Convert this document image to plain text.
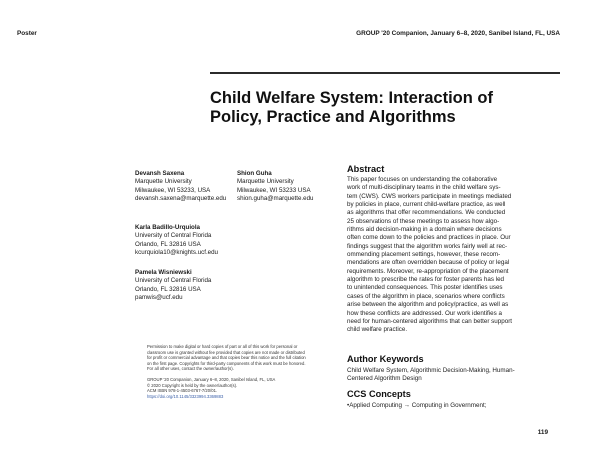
Poster	GROUP '20 Companion, January 6–8, 2020, Sanibel Island, FL, USA
Child Welfare System: Interaction of
Policy, Practice and Algorithms
Devansh Saxena
Marquette University
Milwaukee, WI 53233, USA
devansh.saxena@marquette.edu
Shion Guha
Marquette University
Milwaukee, WI 53233 USA
shion.guha@marquette.edu
Karla Badillo-Urquiola
University of Central Florida
Orlando, FL 32816 USA
kcurquiola10@knights.ucf.edu
Pamela Wisniewski
University of Central Florida
Orlando, FL 32816 USA
pamwis@ucf.edu
Permission to make digital or hard copies of part or all of this work for personal or
classroom use is granted without fee provided that copies are not made or distributed
for profit or commercial advantage and that copies bear this notice and the full citation
on the first page. Copyrights for third-party components of this work must be honored.
For all other uses, contact the owner/author(s).
GROUP '20 Companion, January 6–8, 2020, Sanibel Island, FL, USA
© 2020 Copyright is held by the owner/author(s).
ACM ISBN 978-1-4503-6767-7/20/01.
https://doi.org/10.1145/3323994.3369883
Abstract
This paper focuses on understanding the collaborative
work of multi-disciplinary teams in the child welfare sys-
tem (CWS). CWS workers participate in meetings mediated
by policies in place, current child-welfare practice, as well
as algorithms that offer recommendations. We conducted
25 observations of these meetings to assess how algo-
rithms aid decision-making in a domain where decisions
often come down to the policies and practices in place. Our
findings suggest that the algorithm works fairly well at rec-
ommending placement settings, however, these recom-
mendations are often overridden because of policy or legal
requirements. Moreover, re-appropriation of the placement
algorithm to prescribe the rates for foster parents has led
to unintended consequences. This poster identifies uses
cases of the algorithm in place, scenarios where conflicts
arise between the algorithm and policy/practice, as well as
how these conflicts are addressed. Our work identifies a
need for human-centered algorithms that can better support
child welfare practice.
Author Keywords
Child Welfare System, Algorithmic Decision-Making, Human-
Centered Algorithm Design
CCS Concepts
•Applied Computing → Computing in Government;
119
